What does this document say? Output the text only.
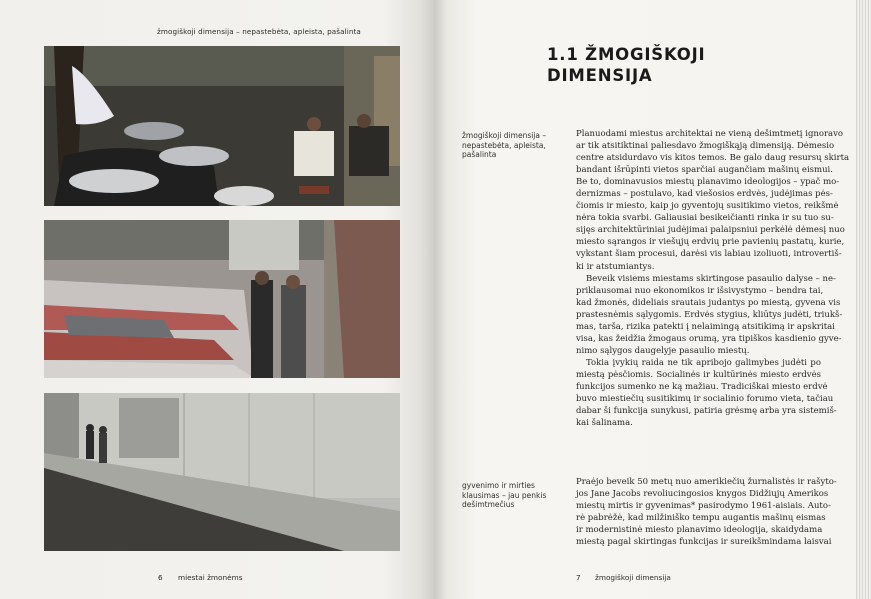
žmogiškoji dimensija – nepastebėta, apleista, pašalinta
6 miestai žmonėms
1.1 ŽMOGIŠKOJI
DIMENSIJA
žmogiškoji dimensija –
nepastebėta, apleista,
pašalinta
gyvenimo ir mirties
klausimas – jau penkis
dešimtmečius
Planuodami miestus architektai ne vieną dešimtmetį ignoravo
ar tik atsitiktinai paliesdavo žmogiškąją dimensiją. Dėmesio
centre atsidurdavo vis kitos temos. Be galo daug resursų skirta
bandant išrūpinti vietos sparčiai augančiam mašinų eismui.
Be to, dominavusios miestų planavimo ideologijos – ypač mo-
dernizmas – postulavo, kad viešosios erdvės, judėjimas pės-
čiomis ir miesto, kaip jo gyventojų susitikimo vietos, reikšmė
nėra tokia svarbi. Galiausiai besikeičianti rinka ir su tuo su-
sijęs architektūriniai judėjimai palaipsniui perkėlė dėmesį nuo
miesto sąrangos ir viešųjų erdvių prie pavienių pastatų, kurie,
vykstant šiam procesui, darėsi vis labiau izoliuoti, introvertiš-
ki ir atstumiantys.
Beveik visiems miestams skirtingose pasaulio dalyse – ne-
priklausomai nuo ekonomikos ir išsivystymo – bendra tai,
kad žmonės, dideliais srautais judantys po miestą, gyvena vis
prastesnėmis sąlygomis. Erdvės stygius, kliūtys judėti, triukš-
mas, tarša, rizika patekti į nelaimingą atsitikimą ir apskritai
visa, kas žeidžia žmogaus orumą, yra tipiškos kasdienio gyve-
nimo sąlygos daugelyje pasaulio miestų.
Tokia įvykių raida ne tik apribojo galimybes judėti po
miestą pėsčiomis. Socialinės ir kultūrinės miesto erdvės
funkcijos sumenko ne ką mažiau. Tradiciškai miesto erdvė
buvo miestiečių susitikimų ir socialinio forumo vieta, tačiau
dabar ši funkcija sunykusi, patiria grėsmę arba yra sistemiš-
kai šalinama.
Praėjo beveik 50 metų nuo amerikiečių žurnalistės ir rašyto-
jos Jane Jacobs revoliucingosios knygos Didžiųjų Amerikos
miestų mirtis ir gyvenimas* pasirodymo 1961-aisiais. Auto-
rė pabrėžė, kad milžiniško tempu augantis mašinų eismas
ir modernistinė miesto planavimo ideologija, skaidydama
miestą pagal skirtingas funkcijas ir sureikšmindama laisvai
7 žmogiškoji dimensija
